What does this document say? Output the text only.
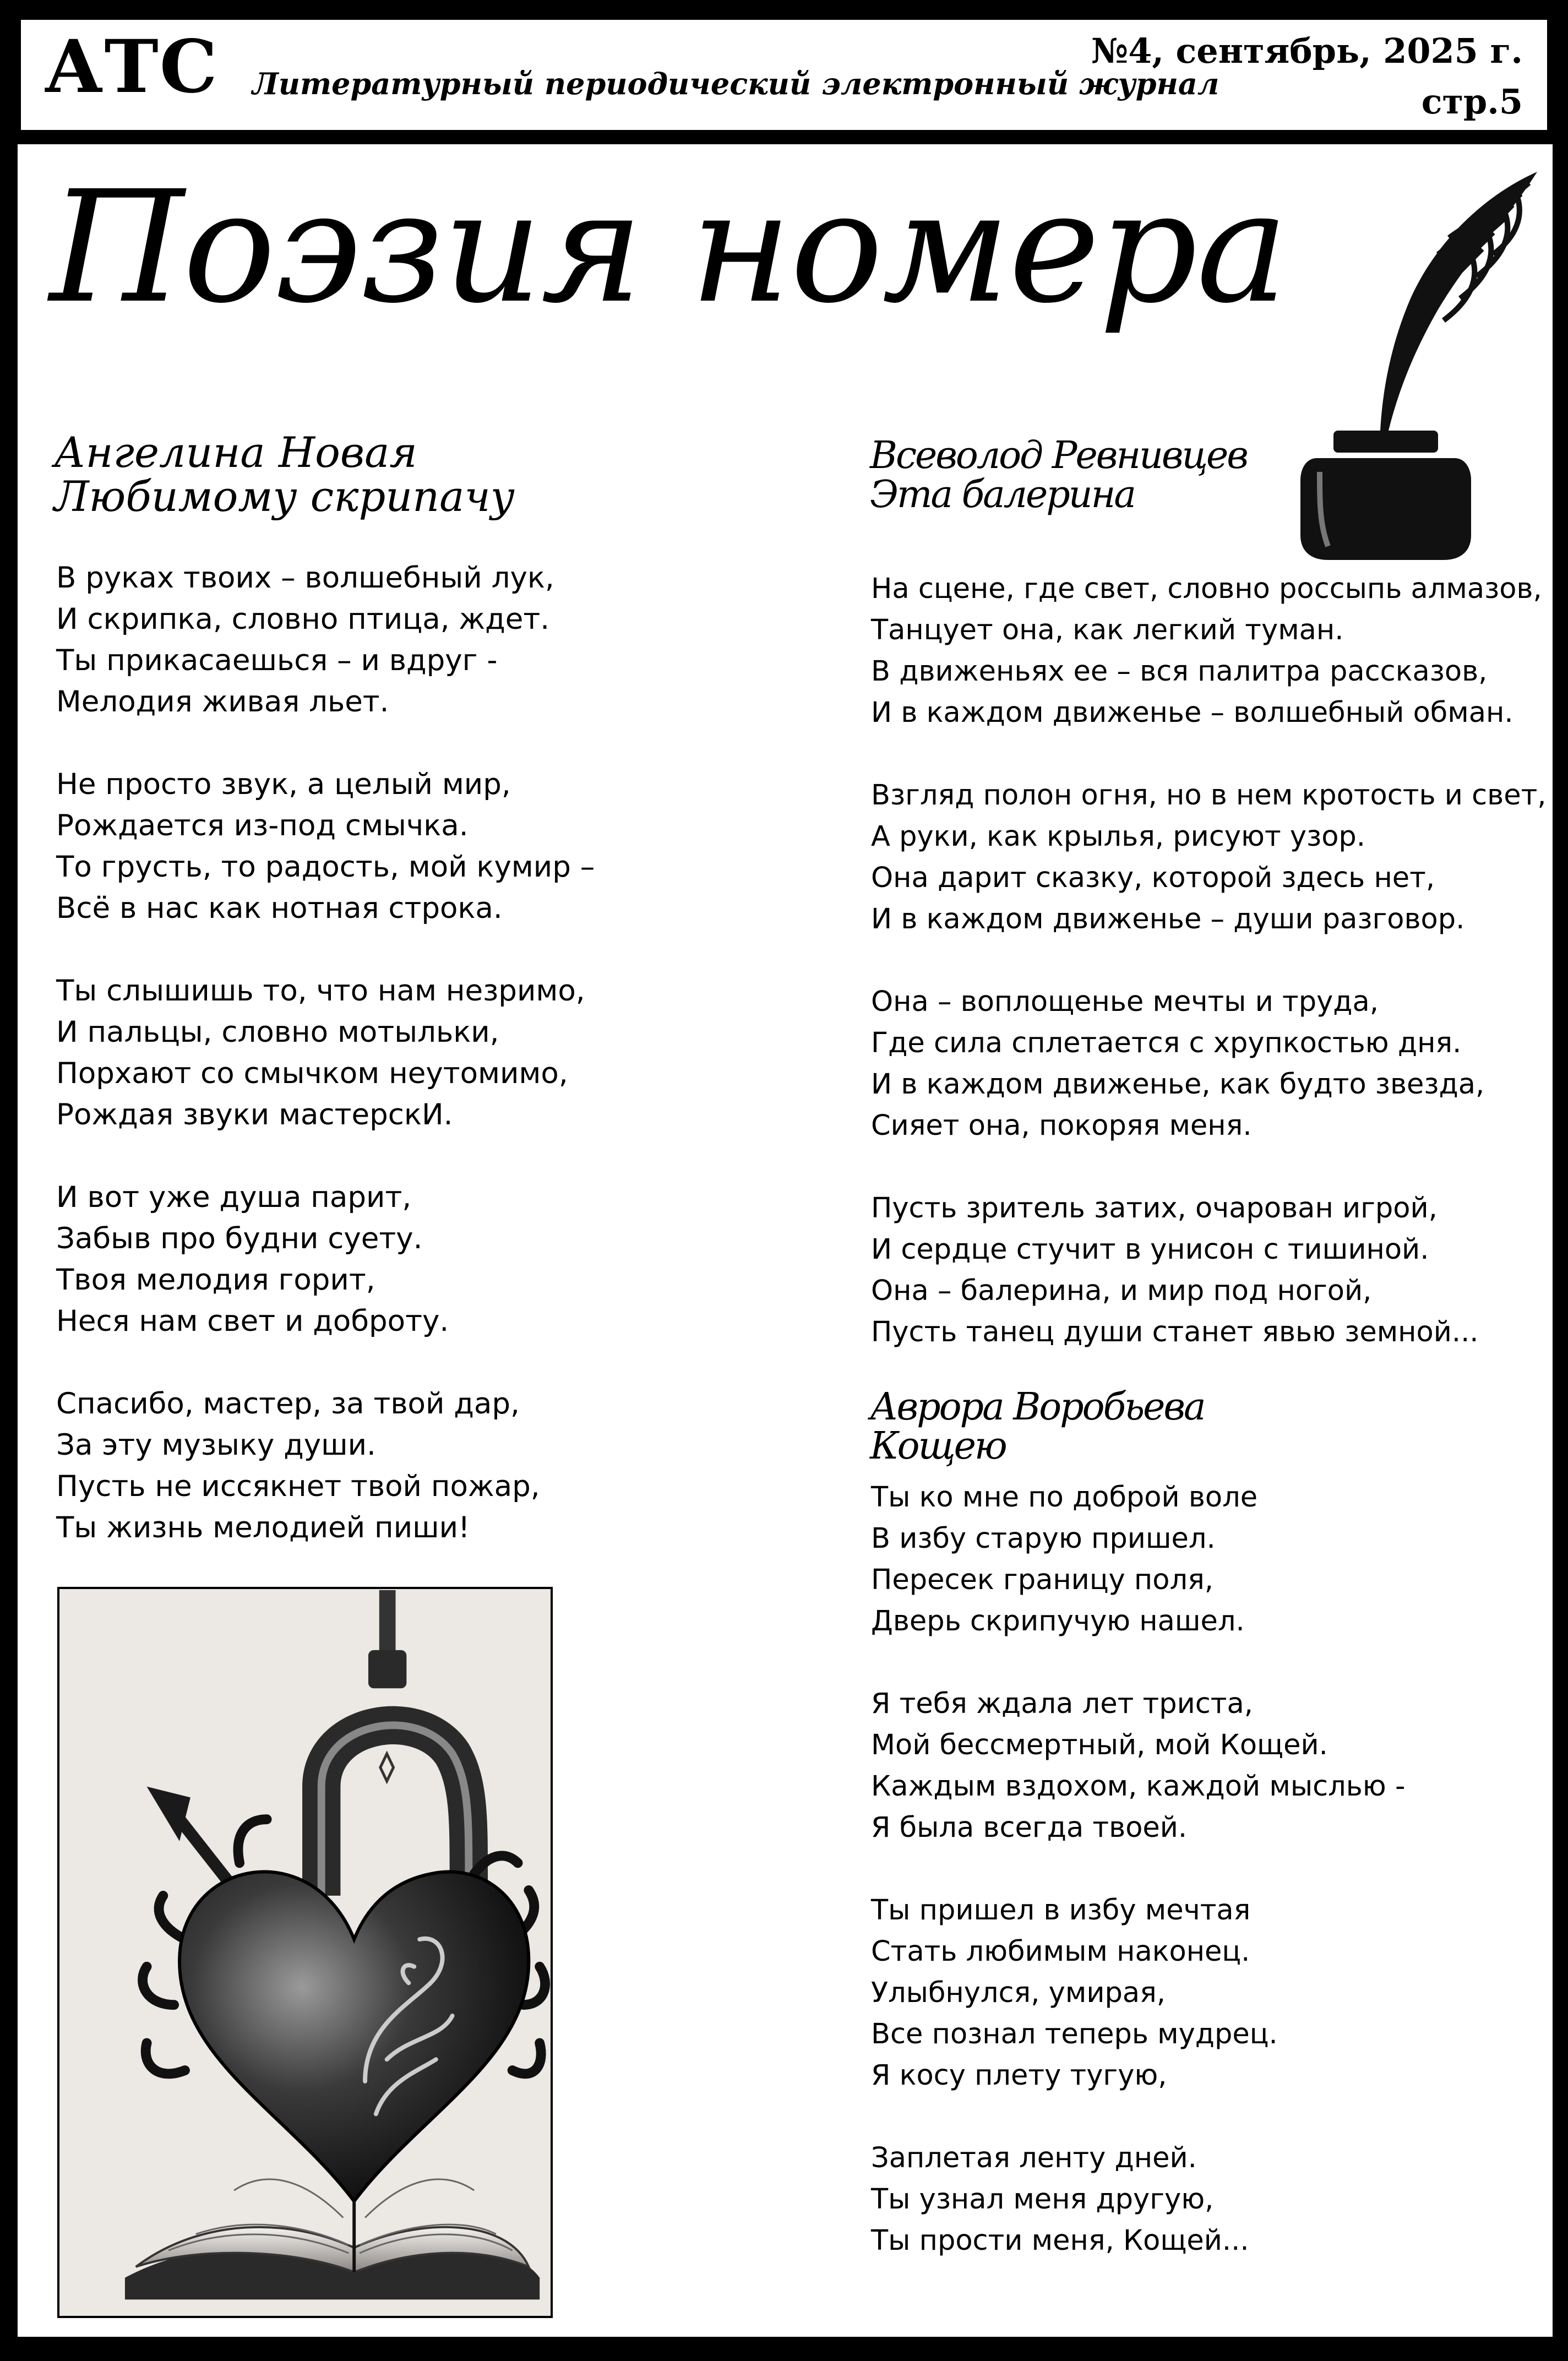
АТС Литературный периодический электронный журнал
№4, сентябрь, 2025 г.
стр.5
Поэзия номера
Ангелина Новая
Любимому скрипачу
В руках твоих – волшебный лук,
И скрипка, словно птица, ждет.
Ты прикасаешься – и вдруг -
Мелодия живая льет.
Не просто звук, а целый мир,
Рождается из-под смычка.
То грусть, то радость, мой кумир –
Всё в нас как нотная строка.
Ты слышишь то, что нам незримо,
И пальцы, словно мотыльки,
Порхают со смычком неутомимо,
Рождая звуки мастерскИ.
И вот уже душа парит,
Забыв про будни суету.
Твоя мелодия горит,
Неся нам свет и доброту.
Спасибо, мастер, за твой дар,
За эту музыку души.
Пусть не иссякнет твой пожар,
Ты жизнь мелодией пиши!
Всеволод Ревнивцев
Эта балерина
На сцене, где свет, словно россыпь алмазов,
Танцует она, как легкий туман.
В движеньях ее – вся палитра рассказов,
И в каждом движенье – волшебный обман.
Взгляд полон огня, но в нем кротость и свет,
А руки, как крылья, рисуют узор.
Она дарит сказку, которой здесь нет,
И в каждом движенье – души разговор.
Она – воплощенье мечты и труда,
Где сила сплетается с хрупкостью дня.
И в каждом движенье, как будто звезда,
Сияет она, покоряя меня.
Пусть зритель затих, очарован игрой,
И сердце стучит в унисон с тишиной.
Она – балерина, и мир под ногой,
Пусть танец души станет явью земной...
Аврора Воробьева
Кощею
Ты ко мне по доброй воле
В избу старую пришел.
Пересек границу поля,
Дверь скрипучую нашел.
Я тебя ждала лет триста,
Мой бессмертный, мой Кощей.
Каждым вздохом, каждой мыслью -
Я была всегда твоей.
Ты пришел в избу мечтая
Стать любимым наконец.
Улыбнулся, умирая,
Все познал теперь мудрец.
Я косу плету тугую,
Заплетая ленту дней.
Ты узнал меня другую,
Ты прости меня, Кощей...
